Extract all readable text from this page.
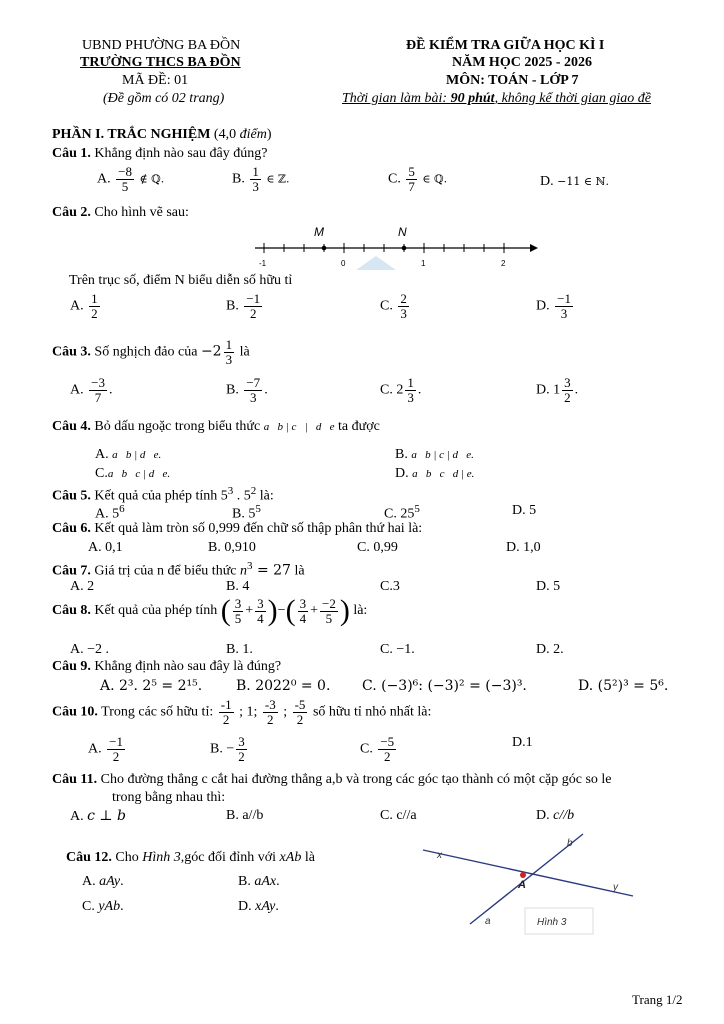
UBND PHƯỜNG BA ĐỒN
TRƯỜNG THCS BA ĐỒN
MÃ ĐỀ: 01
(Đề gồm có 02 trang)
ĐỀ KIỂM TRA GIỮA HỌC KÌ I
NĂM HỌC 2025 - 2026
MÔN: TOÁN - LỚP 7
Thời gian làm bài: 90 phút, không kể thời gian giao đề
PHẦN I. TRẮC NGHIỆM (4,0 điểm)
Câu 1. Khẳng định nào sau đây đúng?
A. $\frac{-8}{5}$ ∉ ℚ.	B. $\frac{1}{3}$ ∈ ℤ.	C. $\frac{5}{7}$ ∈ ℚ.	D. −11 ∈ ℕ.
Câu 2. Cho hình vẽ sau:
M	N
-1	0	1	2
Trên trục số, điểm N biểu diễn số hữu tỉ
A. $\frac{1}{2}$	B. $\frac{-1}{2}$	C. $\frac{2}{3}$	D. $\frac{-1}{3}$
Câu 3. Số nghịch đảo của $-2 \frac{1}{3}$ là
A. $\frac{-3}{7}$ .	B. $\frac{-7}{3}$ .	C. $2 \frac{1}{3}$ .	D. $1 \frac{3}{2}$ .
Câu 4. Bỏ dấu ngoặc trong biểu thức a   b | c   |   d   e ta được
A. a   b | d   e.	B. a   b | c | d   e.
C.a   b   c | d   e.	D. a   b   c   d | e.
Câu 5. Kết quả của phép tính $5^3$ . $5^2$ là:
A. $5^6$	B. $5^5$	C. $25^5$	D. 5
Câu 6. Kết quả làm tròn số 0,999 đến chữ số thập phân thứ hai là:
A. 0,1	B. 0,910	C. 0,99	D. 1,0
Câu 7. Giá trị của n để biểu thức $n^3 = 27$ là
A. 2	B. 4	C.3	D. 5
Câu 8. Kết quả của phép tính ( $\frac{3}{5} + \frac{3}{4}$ )−( $\frac{3}{4} + \frac{-2}{5}$ ) là:
A. −2 .	B. 1.	C. −1.	D. 2.
Câu 9. Khẳng định nào sau đây là đúng?
A. 2³. 2⁵ = 2¹⁵. B. 2022⁰ = 0. C. (−3)⁶: (−3)² = (−3)³.	D. (5²)³ = 5⁶.
Câu 10. Trong các số hữu tỉ: $\frac{-1}{2}$ ; 1; $\frac{-3}{2}$ ; $\frac{-5}{2}$ số hữu tỉ nhỏ nhất là:
A. $\frac{-1}{2}$	B. − $\frac{3}{2}$	C. $\frac{-5}{2}$	D.1
Câu 11. Cho đường thẳng c cắt hai đường thẳng a,b và trong các góc tạo thành có một cặp góc so le
trong bằng nhau thì:
A. c ⊥ b	B. a//b	C. c//a	D. c//b
Câu 12. Cho Hình 3,góc đối đỉnh với xAb là
A. aAy.	B. aAx.
C. yAb.	D. xAy.
x
b
A	y
a	Hình 3
Trang 1/2
